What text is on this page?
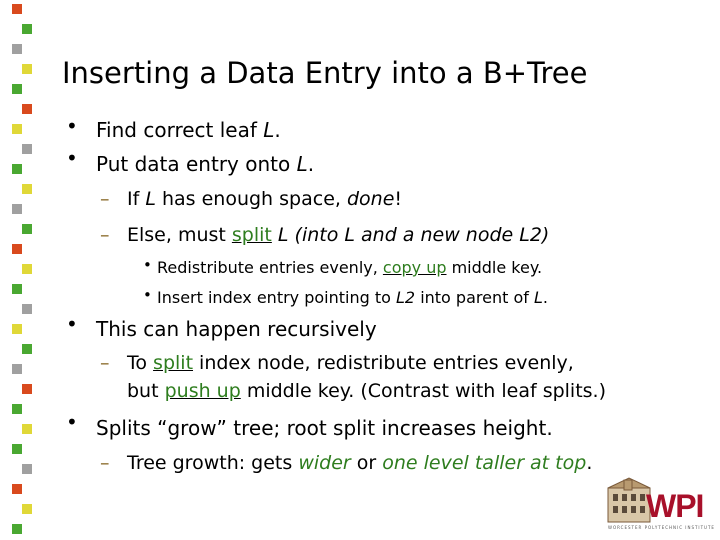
Inserting a Data Entry into a B+Tree
• Find correct leaf L.
• Put data entry onto L.
– If L has enough space, done!
– Else, must split L (into L and a new node L2)
• Redistribute entries evenly, copy up middle key.
• Insert index entry pointing to L2 into parent of L.
• This can happen recursively
– To split index node, redistribute entries evenly,
but push up middle key. (Contrast with leaf splits.)
• Splits “grow” tree; root split increases height.
– Tree growth: gets wider or one level taller at top.
WPI
WORCESTER POLYTECHNIC INSTITUTE
